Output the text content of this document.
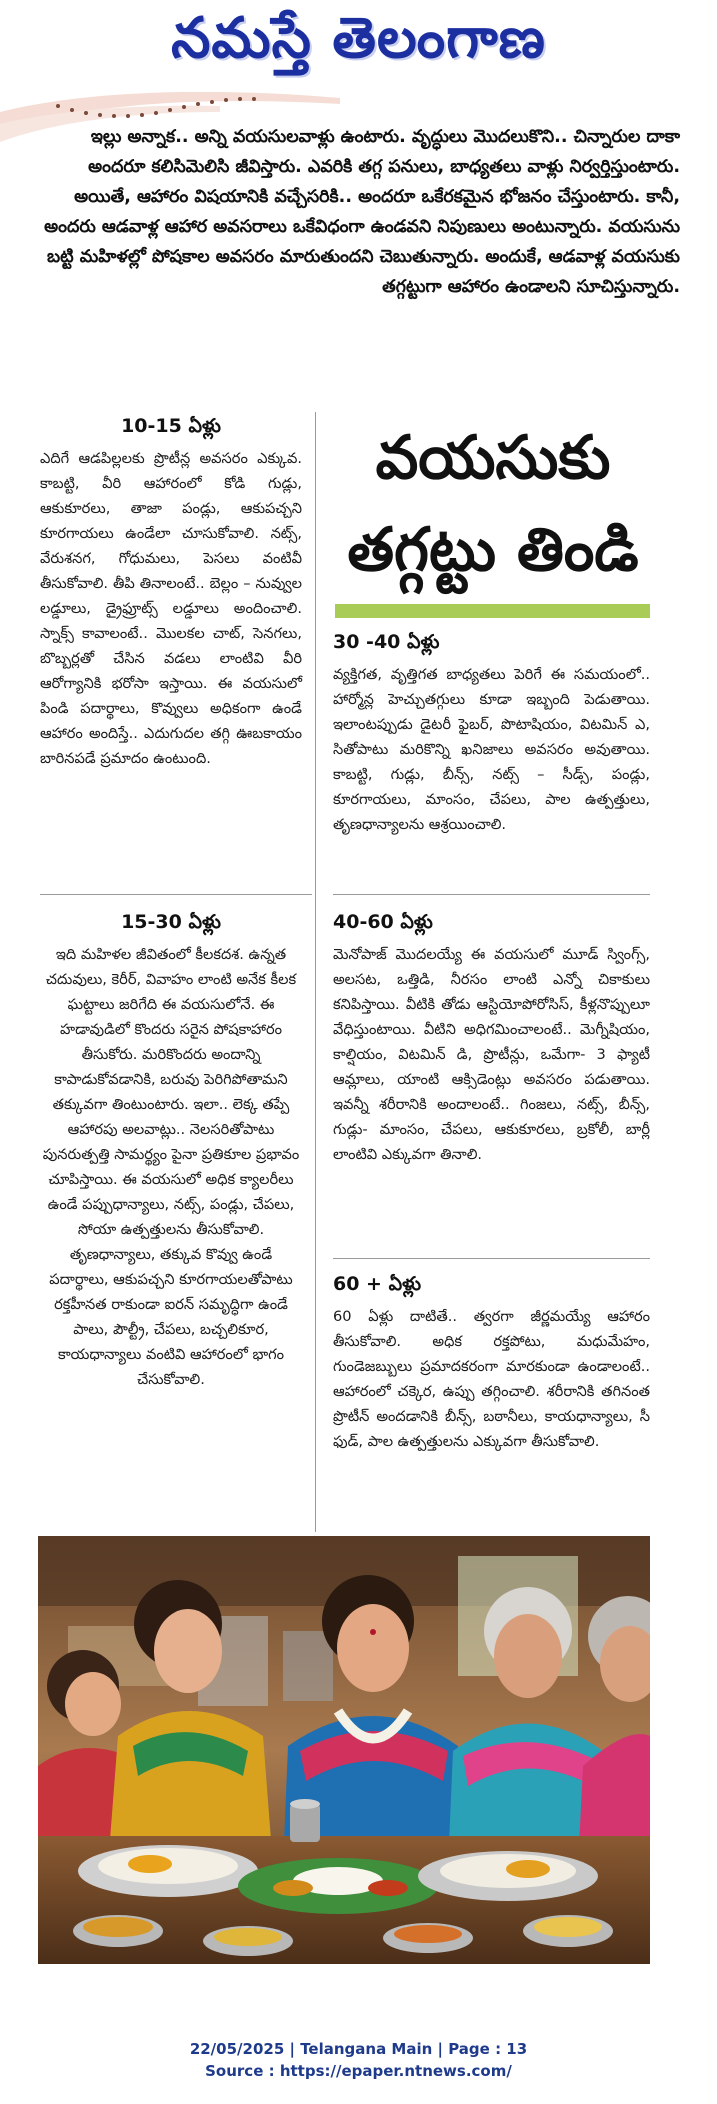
నమస్తే తెలంగాణ
ఇల్లు అన్నాక.. అన్ని వయసులవాళ్లు ఉంటారు. వృద్ధులు మొదలుకొని.. చిన్నారుల దాకా అందరూ కలిసిమెలిసి జీవిస్తారు. ఎవరికి తగ్గ పనులు, బాధ్యతలు వాళ్లు నిర్వర్తిస్తుంటారు. అయితే, ఆహారం విషయానికి వచ్చేసరికి.. అందరూ ఒకేరకమైన భోజనం చేస్తుంటారు. కానీ, అందరు ఆడవాళ్ల ఆహార అవసరాలు ఒకేవిధంగా ఉండవని నిపుణులు అంటున్నారు. వయసును బట్టి మహిళల్లో పోషకాల అవసరం మారుతుందని చెబుతున్నారు. అందుకే, ఆడవాళ్ల వయసుకు తగ్గట్టుగా ఆహారం ఉండాలని సూచిస్తున్నారు.
వయసుకు
తగ్గట్టు తిండి
10-15 ఏళ్లు
ఎదిగే ఆడపిల్లలకు ప్రొటీన్ల అవసరం ఎక్కువ. కాబట్టి, వీరి ఆహారంలో కోడి గుడ్లు, ఆకుకూరలు, తాజా పండ్లు, ఆకుపచ్చని కూరగాయలు ఉండేలా చూసుకోవాలి. నట్స్, వేరుశనగ, గోధుమలు, పెసలు వంటివీ తీసుకోవాలి. తీపి తినాలంటే.. బెల్లం – నువ్వుల లడ్డూలు, డ్రైఫ్రూట్స్ లడ్డూలు అందించాలి. స్నాక్స్ కావాలంటే.. మొలకల చాట్, సెనగలు, బొబ్బర్లతో చేసిన వడలు లాంటివి వీరి ఆరోగ్యానికి భరోసా ఇస్తాయి. ఈ వయసులో పిండి పదార్థాలు, కొవ్వులు అధికంగా ఉండే ఆహారం అందిస్తే.. ఎదుగుదల తగ్గి ఊబకాయం బారినపడే ప్రమాదం ఉంటుంది.
15-30 ఏళ్లు
ఇది మహిళల జీవితంలో కీలకదశ. ఉన్నత చదువులు, కెరీర్, వివాహం లాంటి అనేక కీలక ఘట్టాలు జరిగేది ఈ వయసులోనే. ఈ హడావుడిలో కొందరు సరైన పోషకాహారం తీసుకోరు. మరికొందరు అందాన్ని కాపాడుకోవడానికి, బరువు పెరిగిపోతామని తక్కువగా తింటుంటారు. ఇలా.. లెక్క తప్పే ఆహారపు అలవాట్లు.. నెలసరితోపాటు పునరుత్పత్తి సామర్థ్యం పైనా ప్రతికూల ప్రభావం చూపిస్తాయి. ఈ వయసులో అధిక క్యాలరీలు ఉండే పప్పుధాన్యాలు, నట్స్, పండ్లు, చేపలు, సోయా ఉత్పత్తులను తీసుకోవాలి. తృణధాన్యాలు, తక్కువ కొవ్వు ఉండే పదార్థాలు, ఆకుపచ్చని కూరగాయలతోపాటు రక్తహీనత రాకుండా ఐరన్ సమృద్ధిగా ఉండే పాలు, పౌల్ట్రీ, చేపలు, బచ్చలికూర, కాయధాన్యాలు వంటివి ఆహారంలో భాగం చేసుకోవాలి.
30 -40 ఏళ్లు
వ్యక్తిగత, వృత్తిగత బాధ్యతలు పెరిగే ఈ సమయంలో.. హార్మోన్ల హెచ్చుతగ్గులు కూడా ఇబ్బంది పెడుతాయి. ఇలాంటప్పుడు డైటరీ ఫైబర్, పొటాషియం, విటమిన్ ఎ, సితోపాటు మరికొన్ని ఖనిజాలు అవసరం అవుతాయి. కాబట్టి, గుడ్లు, బీన్స్, నట్స్ – సీడ్స్, పండ్లు, కూరగాయలు, మాంసం, చేపలు, పాల ఉత్పత్తులు, తృణధాన్యాలను ఆశ్రయించాలి.
40-60 ఏళ్లు
మెనోపాజ్ మొదలయ్యే ఈ వయసులో మూడ్ స్వింగ్స్, అలసట, ఒత్తిడి, నీరసం లాంటి ఎన్నో చికాకులు కనిపిస్తాయి. వీటికి తోడు ఆస్టియోపోరోసిస్, కీళ్లనొప్పులూ వేధిస్తుంటాయి. వీటిని అధిగమించాలంటే.. మెగ్నీషియం, కాల్షియం, విటమిన్ డి, ప్రొటీన్లు, ఒమేగా- 3 ఫ్యాటీ ఆమ్లాలు, యాంటి ఆక్సిడెంట్లు అవసరం పడుతాయి. ఇవన్నీ శరీరానికి అందాలంటే.. గింజలు, నట్స్, బీన్స్, గుడ్లు- మాంసం, చేపలు, ఆకుకూరలు, బ్రకోలీ, బార్లీ లాంటివి ఎక్కువగా తినాలి.
60 + ఏళ్లు
60 ఏళ్లు దాటితే.. త్వరగా జీర్ణమయ్యే ఆహారం తీసుకోవాలి. అధిక రక్తపోటు, మధుమేహం, గుండెజబ్బులు ప్రమాదకరంగా మారకుండా ఉండాలంటే.. ఆహారంలో చక్కెర, ఉప్పు తగ్గించాలి. శరీరానికి తగినంత ప్రొటీన్ అందడానికి బీన్స్, బఠానీలు, కాయధాన్యాలు, సీ ఫుడ్, పాల ఉత్పత్తులను ఎక్కువగా తీసుకోవాలి.
22/05/2025 | Telangana Main | Page : 13
Source : https://epaper.ntnews.com/
